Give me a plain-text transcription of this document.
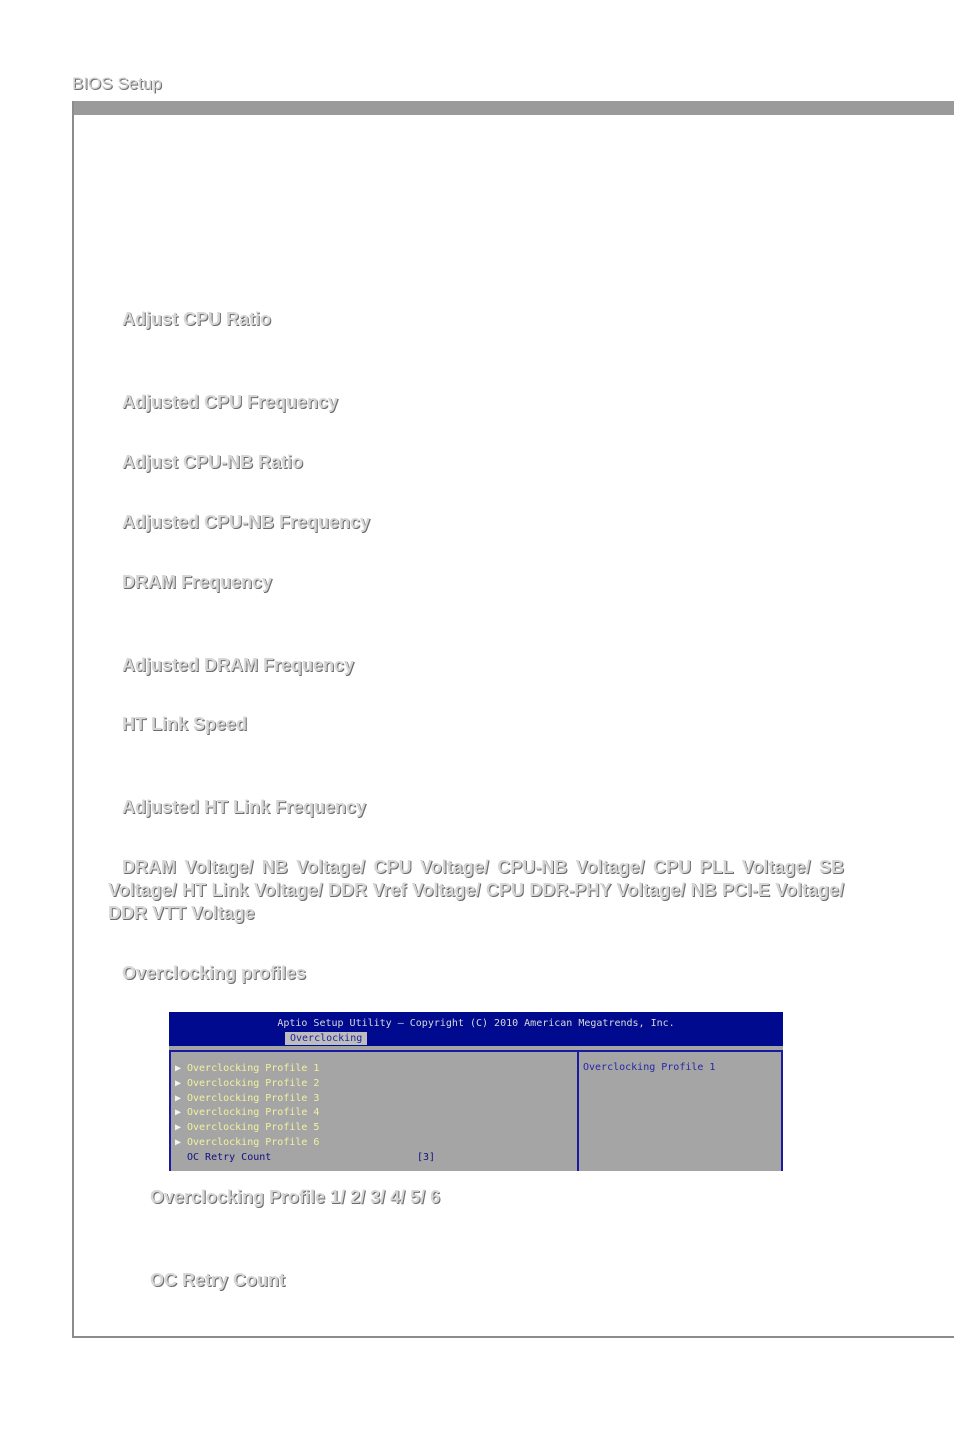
BIOS Setup
Adjust CPU Ratio
Adjusted CPU Frequency
Adjust CPU-NB Ratio
Adjusted CPU-NB Frequency
DRAM Frequency
Adjusted DRAM Frequency
HT Link Speed
Adjusted HT Link Frequency
DRAM Voltage/ NB Voltage/ CPU Voltage/ CPU-NB Voltage/ CPU PLL Voltage/ SB Voltage/ HT Link Voltage/ DDR Vref Voltage/ CPU DDR-PHY Voltage/ NB PCI-E Voltage/ DDR VTT Voltage
Overclocking profiles
Aptio Setup Utility – Copyright (C) 2010 American Megatrends, Inc.
Overclocking
▶ Overclocking Profile 1
▶ Overclocking Profile 2
▶ Overclocking Profile 3
▶ Overclocking Profile 4
▶ Overclocking Profile 5
▶ Overclocking Profile 6
OC Retry Count	[3]
Overclocking Profile 1
Overclocking Profile 1/ 2/ 3/ 4/ 5/ 6
OC Retry Count
